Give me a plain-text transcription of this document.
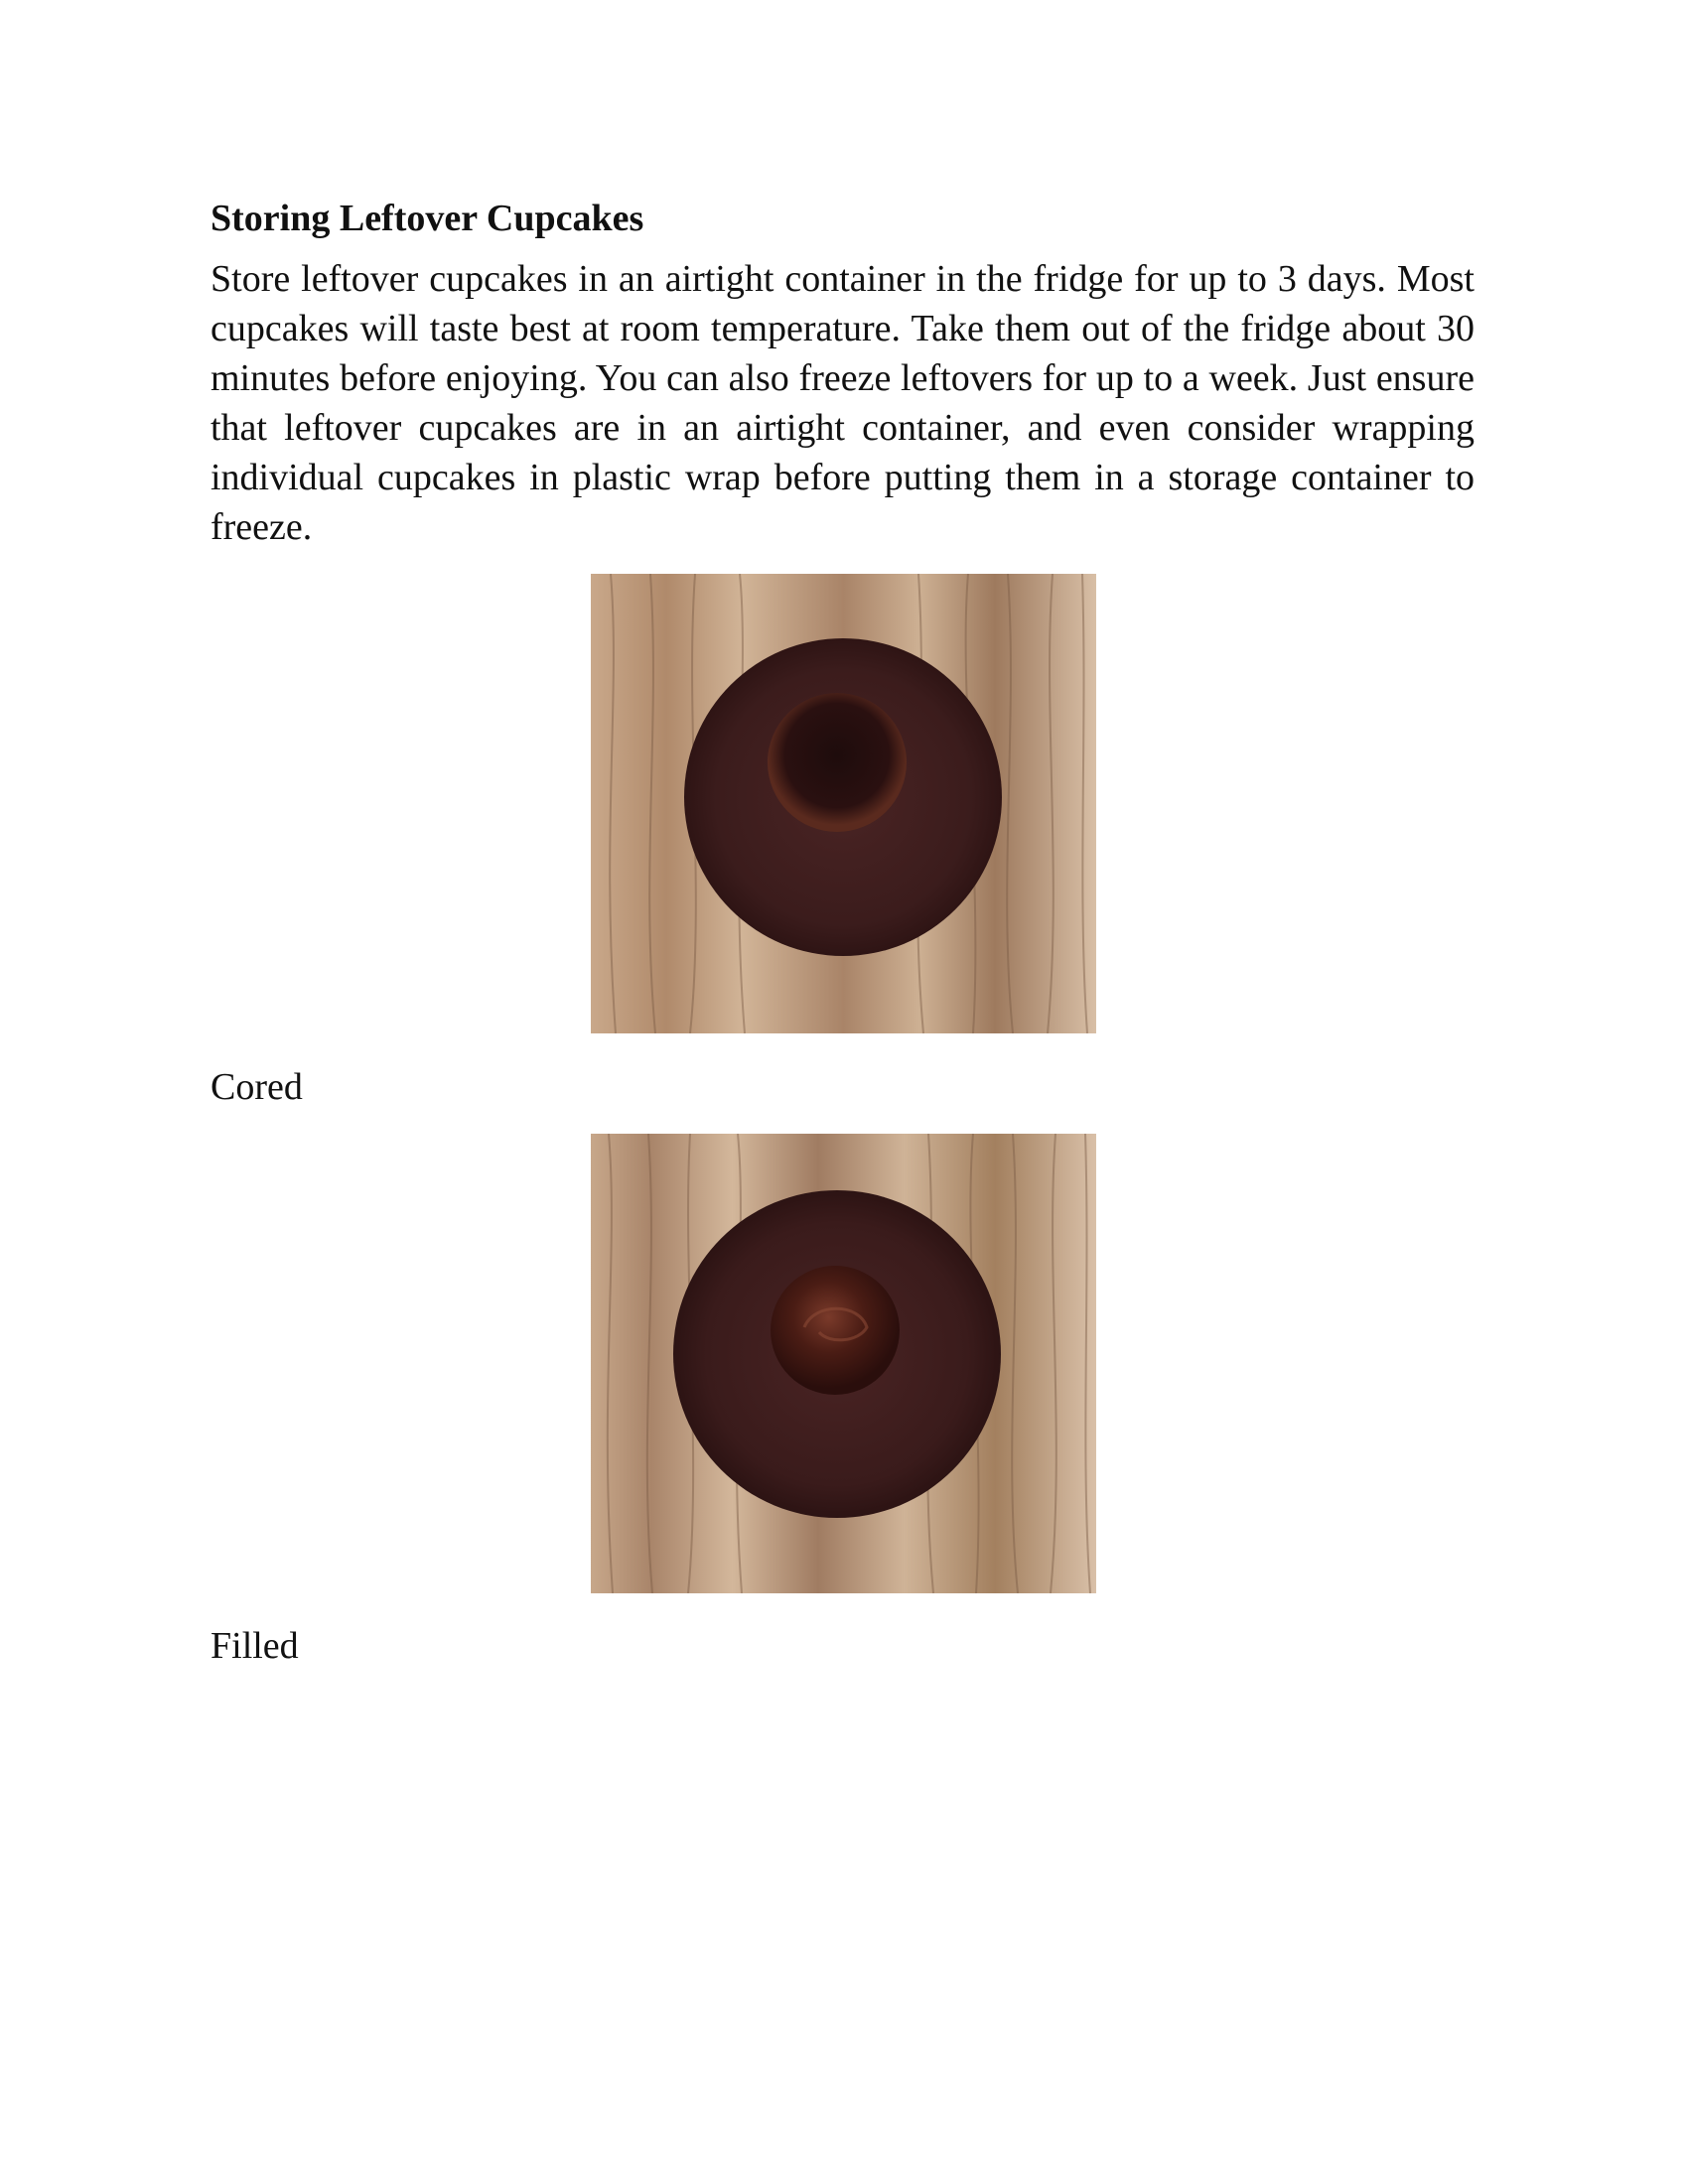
Storing Leftover Cupcakes

Store leftover cupcakes in an airtight container in the fridge for up to 3 days. Most cupcakes will taste best at room temperature. Take them out of the fridge about 30 minutes before enjoying. You can also freeze leftovers for up to a week. Just ensure that leftover cupcakes are in an airtight container, and even consider wrapping individual cupcakes in plastic wrap before putting them in a storage container to freeze.

Cored

Filled
